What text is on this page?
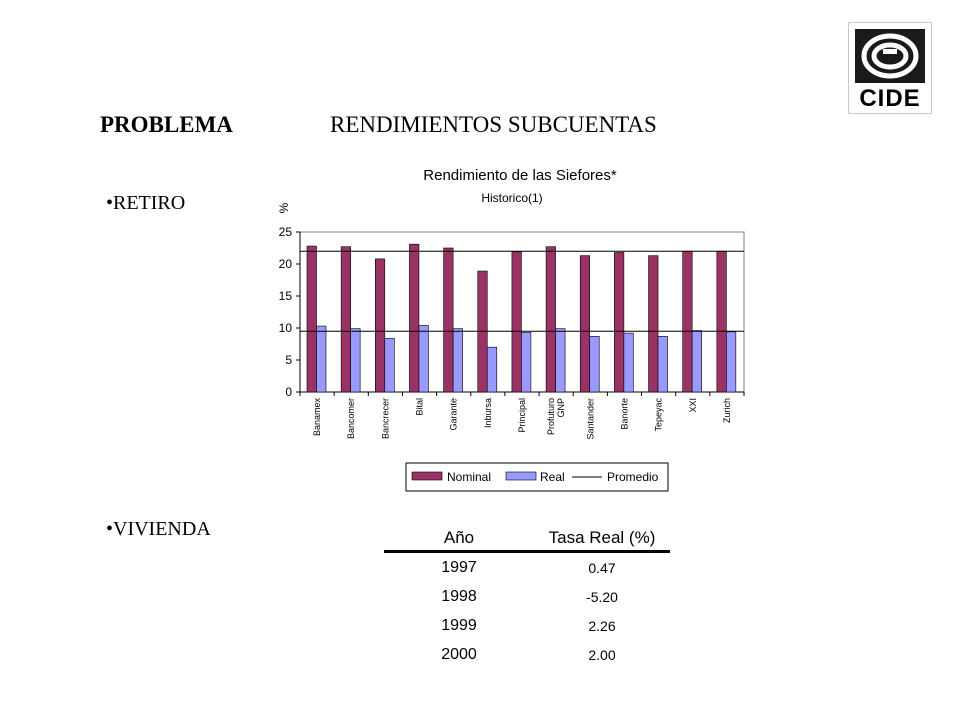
CIDE
PROBLEMA	RENDIMIENTOS SUBCUENTAS
•RETIRO
•VIVIENDA
Rendimiento de las Siefores*
Historico(1)
%
0
5
10
15
20
25
Banamex	Bancomer	Bancrecer	Bital	Garante	Inbursa	Principal Profuturo GNP Santander	Banorte	Tepeyac	XXI	Zurich
Nominal	Real	Promedio
Año	Tasa Real (%)
1997	0.47
1998	-5.20
1999	2.26
2000	2.00
